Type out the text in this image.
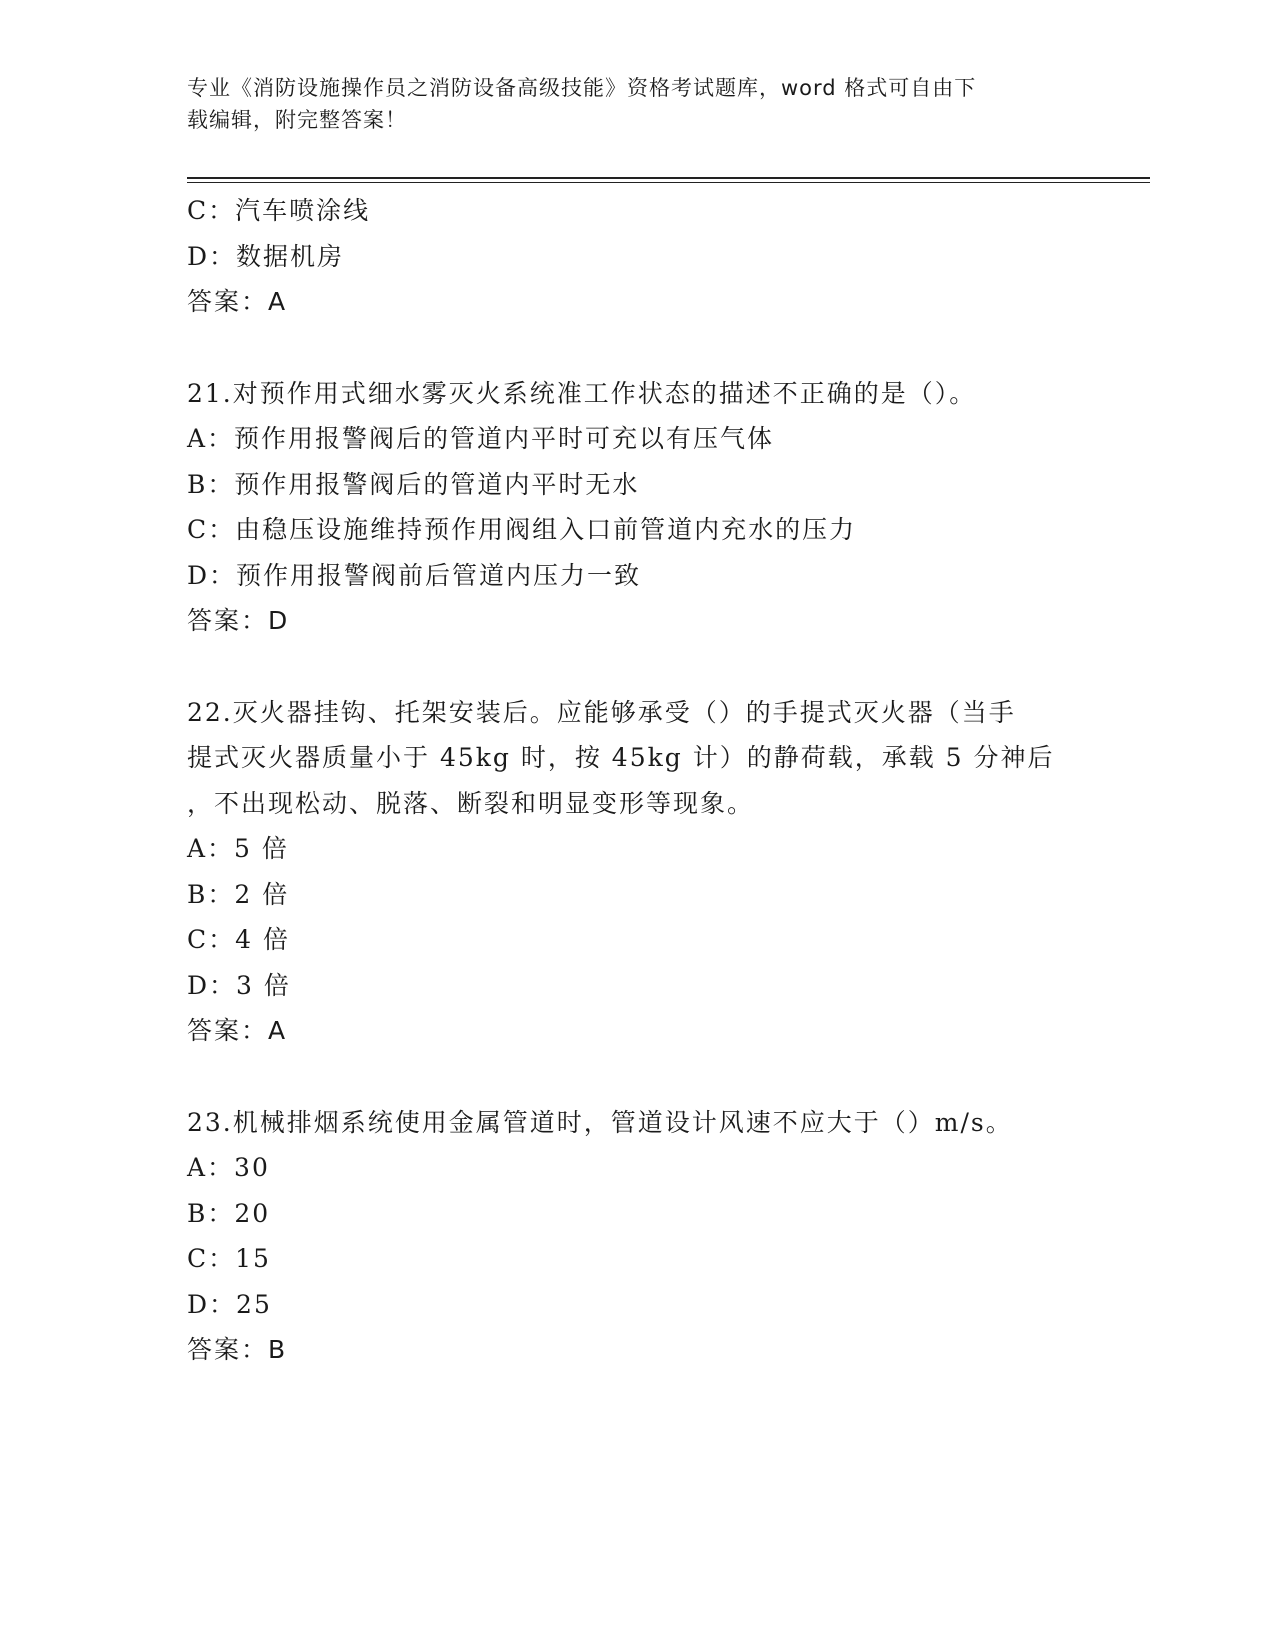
专业《消防设施操作员之消防设备高级技能》资格考试题库，word 格式可自由下
载编辑，附完整答案！
C：汽车喷涂线
D：数据机房
答案：A
21.对预作用式细水雾灭火系统准工作状态的描述不正确的是（）。
A：预作用报警阀后的管道内平时可充以有压气体
B：预作用报警阀后的管道内平时无水
C：由稳压设施维持预作用阀组入口前管道内充水的压力
D：预作用报警阀前后管道内压力一致
答案：D
22.灭火器挂钩、托架安装后。应能够承受（）的手提式灭火器（当手
提式灭火器质量小于 45kg 时，按 45kg 计）的静荷载，承载 5 分神后
，不出现松动、脱落、断裂和明显变形等现象。
A：5 倍
B：2 倍
C：4 倍
D：3 倍
答案：A
23.机械排烟系统使用金属管道时，管道设计风速不应大于（）m/s。
A：30
B：20
C：15
D：25
答案：B
